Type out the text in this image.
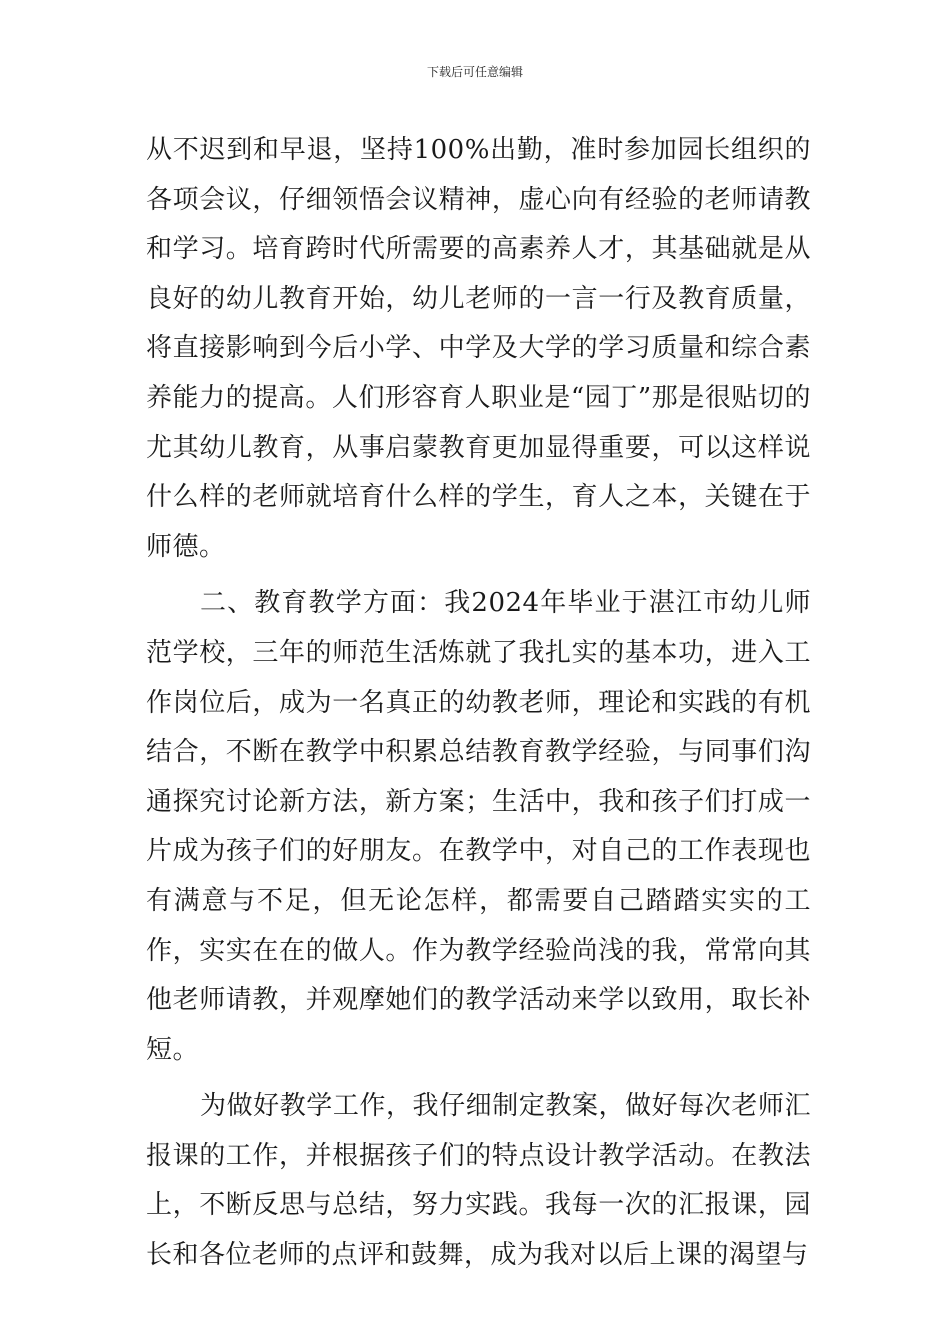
下载后可任意编辑

从不迟到和早退，坚持100%出勤，准时参加园长组织的各项会议，仔细领悟会议精神，虚心向有经验的老师请教和学习。培育跨时代所需要的高素养人才，其基础就是从良好的幼儿教育开始，幼儿老师的一言一行及教育质量，将直接影响到今后小学、中学及大学的学习质量和综合素养能力的提高。人们形容育人职业是“园丁”那是很贴切的尤其幼儿教育，从事启蒙教育更加显得重要，可以这样说什么样的老师就培育什么样的学生，育人之本，关键在于师德。

二、教育教学方面：我2024年毕业于湛江市幼儿师范学校，三年的师范生活炼就了我扎实的基本功，进入工作岗位后，成为一名真正的幼教老师，理论和实践的有机结合，不断在教学中积累总结教育教学经验，与同事们沟通探究讨论新方法，新方案；生活中，我和孩子们打成一片成为孩子们的好朋友。在教学中，对自己的工作表现也有满意与不足，但无论怎样，都需要自己踏踏实实的工作，实实在在的做人。作为教学经验尚浅的我，常常向其他老师请教，并观摩她们的教学活动来学以致用，取长补短。

为做好教学工作，我仔细制定教案，做好每次老师汇报课的工作，并根据孩子们的特点设计教学活动。在教法上，不断反思与总结，努力实践。我每一次的汇报课，园长和各位老师的点评和鼓舞，成为我对以后上课的渴望与
